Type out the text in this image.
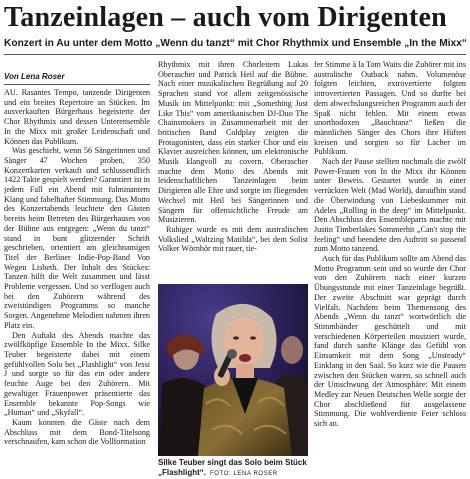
Tanzeinlagen – auch vom Dirigenten

Konzert in Au unter dem Motto „Wenn du tanzt“ mit Chor Rhythmix und Ensemble „In the Mixx“

Von Lena Roser

AU. Rasantes Tempo, tanzende Dirigenten und ein breites Repertoire an Stücken. Im ausverkauften Bürgerhaus begeisterte der Chor Rhythmix und dessen Unterensemble In the Mixx mit großer Leidenschaft und Können das Publikum.

Was geschieht, wenn 56 Sängerinnen und Sänger 47 Wochen proben, 350 Konzertkarten verkauft und schlussendlich 1422 Takte gespielt werden? Garantiert ist in jedem Fall ein Abend mit fulminantem Klang und fabelhafter Stimmung. Das Motto des Konzertabends leuchtete den Gästen bereits beim Betreten des Bürgerhauses von der Bühne aus entgegen: „Wenn du tanzt“ stand in bunt glitzernder Schrift geschrieben, orientiert am gleichnamigen Titel der Berliner Indie-Pop-Band Von Wegen Lisbeth. Der Inhalt des Stückes: Tanzen hilft die Welt zusammen und lässt Probleme vergessen. Und so verflogen auch bei den Zuhörern während des zweistündigen Programms so manche Sorgen. Angenehme Melodien nahmen ihren Platz ein.

Den Auftakt des Abends machte das zwölfköpfige Ensemble In the Mixx. Silke Teuber begeisterte dabei mit einem gefühlvollen Solo bei „Flashlight“ von Jessi J und sorgte so für das ein oder andere feuchte Auge bei den Zuhörern. Mit gewaltiger Frauenpower präsentierte das Ensemble bekannte Pop-Songs wie „Human“ und „Skyfall“.

Kaum konnten die Gäste nach dem Abschluss mit dem Bond-Titelsong verschnaufen, kam schon die Vollformation

Rhythmix mit ihren Chorleitern Lukas Oberascher und Patrick Heil auf die Bühne. Nach einer musikalischen Begrüßung auf 20 Sprachen stand vor allem zeitgenössische Musik im Mittelpunkt: mit „Something Just Like This“ vom amerikanischen DJ-Duo The Chainsmokers in Zusammenarbeit mit der britischen Band Coldplay zeigten die Protagonisten, dass ein starker Chor und ein Klavier ausreichen können, um elektronische Musik klangvoll zu covern. Oberascher machte dem Motto des Abends mit leidenschaftlichen Tanzeinlagen beim Dirigieren alle Ehre und sorgte im fliegenden Wechsel mit Heil bei Sängerinnen und Sängern für offensichtliche Freude am Musizieren.

Ruhiger wurde es mit dem australischen Volkslied „Waltzing Matilda“, bei dem Solist Volker Wörnhör mit rauer, tie-

Silke Teuber singt das Solo beim Stück „Flashlight“. FOTO: LENA ROSER

fer Stimme à la Tom Waits die Zuhörer mit ins australische Outback nahm. Volumenöse folgten leichten, extrovertierte folgten introvertierten Passagen. Und so durfte bei dem abwechslungsreichen Programm auch der Spaß nicht fehlen. Mit einem etwas unorthodoxen „Bauchtanz“ ließen die männlichen Sänger des Chors ihre Hüften kreisen und sorgten so für Lacher im Publikum.

Nach der Pause stellten nochmals die zwölf Power-Frauen von In the Mixx ihr Können unter Beweis. Gestartet wurde in einer verrückten Welt (Mad World), daraufhin stand die Überwindung von Liebeskummer mit Adeles „Rolling in the deep“ im Mittelpunkt. Den Abschluss des Ensembleparts machte mit Justin Timberlakes Sommerhit „Can't stop the feeling“ und beendete den Auftritt so passend zum Motto tanzend.

Auch für das Publikum sollte am Abend das Motto Programm sein und so wurde der Chor von den Zuhörern nach einer kurzen Übungsstunde mit einer Tanzeinlage begrüßt. Der zweite Abschnitt war geprägt durch Vielfalt. Nachdem beim Themensong des Abends „Wenn du tanzt“ wortwörtlich die Stimmbänder geschüttelt und mit verschiedenen Körperteilen musiziert wurde, fand durch sanfte Klänge das Gefühl von Einsamkeit mit dem Song „Unsteady“ Einklang in den Saal. So kurz wie die Pausen zwischen den Stücken waren, so schnell auch der Umschwung der Atmosphäre: Mit einem Medley zur Neuen Deutschen Welle sorgte der Chor abschließend für ausgelassene Stimmung. Die wohlverdiente Feier schloss sich an.
